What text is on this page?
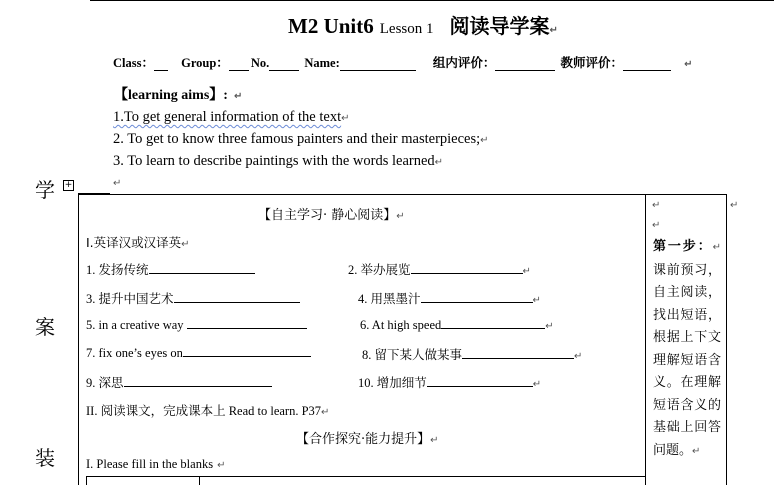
M2 Unit6 Lesson 1 阅读导学案↵
Class： Group： No.	Name:	组内评价：	教师评价：	↵
【learning aims】: ↵
1.To get general information of the text↵
2. To get to know three famous painters and their masterpieces;↵
3. To learn to describe paintings with the words learned↵
学 +	↵
案
装
↵
↵
↵
【自主学习· 静心阅读】↵
I.英译汉或汉译英↵
1. 发扬传统	2. 举办展览	↵
3. 提升中国艺术	4. 用黑墨汁	↵
5. in a creative way	6. At high speed	↵
7. fix one’s eyes on	8. 留下某人做某事	↵
9. 深思	10. 增加细节	↵
II. 阅读课文，完成课本上 Read to learn. P37↵
【合作探究·能力提升】↵
I. Please fill in the blanks ↵
第一步：↵课前预习，自主阅读，找出短语，根据上下文理解短语含义。在理解短语含义的基础上回答问题。↵
